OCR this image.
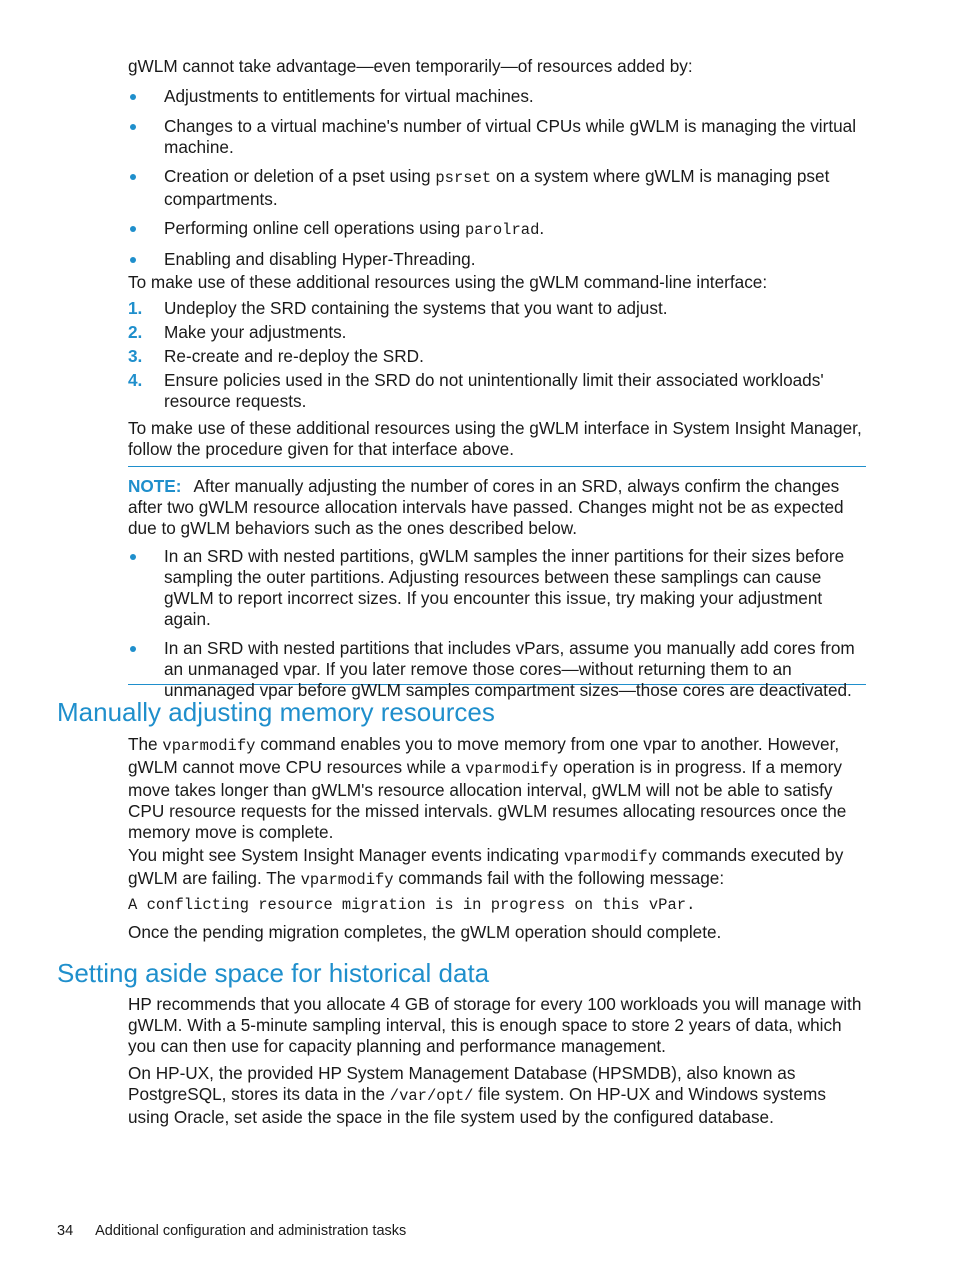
gWLM cannot take advantage—even temporarily—of resources added by:

Adjustments to entitlements for virtual machines.
Changes to a virtual machine's number of virtual CPUs while gWLM is managing the virtual machine.
Creation or deletion of a pset using psrset on a system where gWLM is managing pset compartments.
Performing online cell operations using parolrad.
Enabling and disabling Hyper-Threading.

To make use of these additional resources using the gWLM command-line interface:

1. Undeploy the SRD containing the systems that you want to adjust.
2. Make your adjustments.
3. Re-create and re-deploy the SRD.
4. Ensure policies used in the SRD do not unintentionally limit their associated workloads' resource requests.

To make use of these additional resources using the gWLM interface in System Insight Manager, follow the procedure given for that interface above.

NOTE: After manually adjusting the number of cores in an SRD, always confirm the changes after two gWLM resource allocation intervals have passed. Changes might not be as expected due to gWLM behaviors such as the ones described below.

In an SRD with nested partitions, gWLM samples the inner partitions for their sizes before sampling the outer partitions. Adjusting resources between these samplings can cause gWLM to report incorrect sizes. If you encounter this issue, try making your adjustment again.
In an SRD with nested partitions that includes vPars, assume you manually add cores from an unmanaged vpar. If you later remove those cores—without returning them to an unmanaged vpar before gWLM samples compartment sizes—those cores are deactivated.
Manually adjusting memory resources

The vparmodify command enables you to move memory from one vpar to another. However, gWLM cannot move CPU resources while a vparmodify operation is in progress. If a memory move takes longer than gWLM's resource allocation interval, gWLM will not be able to satisfy CPU resource requests for the missed intervals. gWLM resumes allocating resources once the memory move is complete.

You might see System Insight Manager events indicating vparmodify commands executed by gWLM are failing. The vparmodify commands fail with the following message:

A conflicting resource migration is in progress on this vPar.

Once the pending migration completes, the gWLM operation should complete.

Setting aside space for historical data

HP recommends that you allocate 4 GB of storage for every 100 workloads you will manage with gWLM. With a 5-minute sampling interval, this is enough space to store 2 years of data, which you can then use for capacity planning and performance management.

On HP-UX, the provided HP System Management Database (HPSMDB), also known as PostgreSQL, stores its data in the /var/opt/ file system. On HP-UX and Windows systems using Oracle, set aside the space in the file system used by the configured database.

34 Additional configuration and administration tasks
